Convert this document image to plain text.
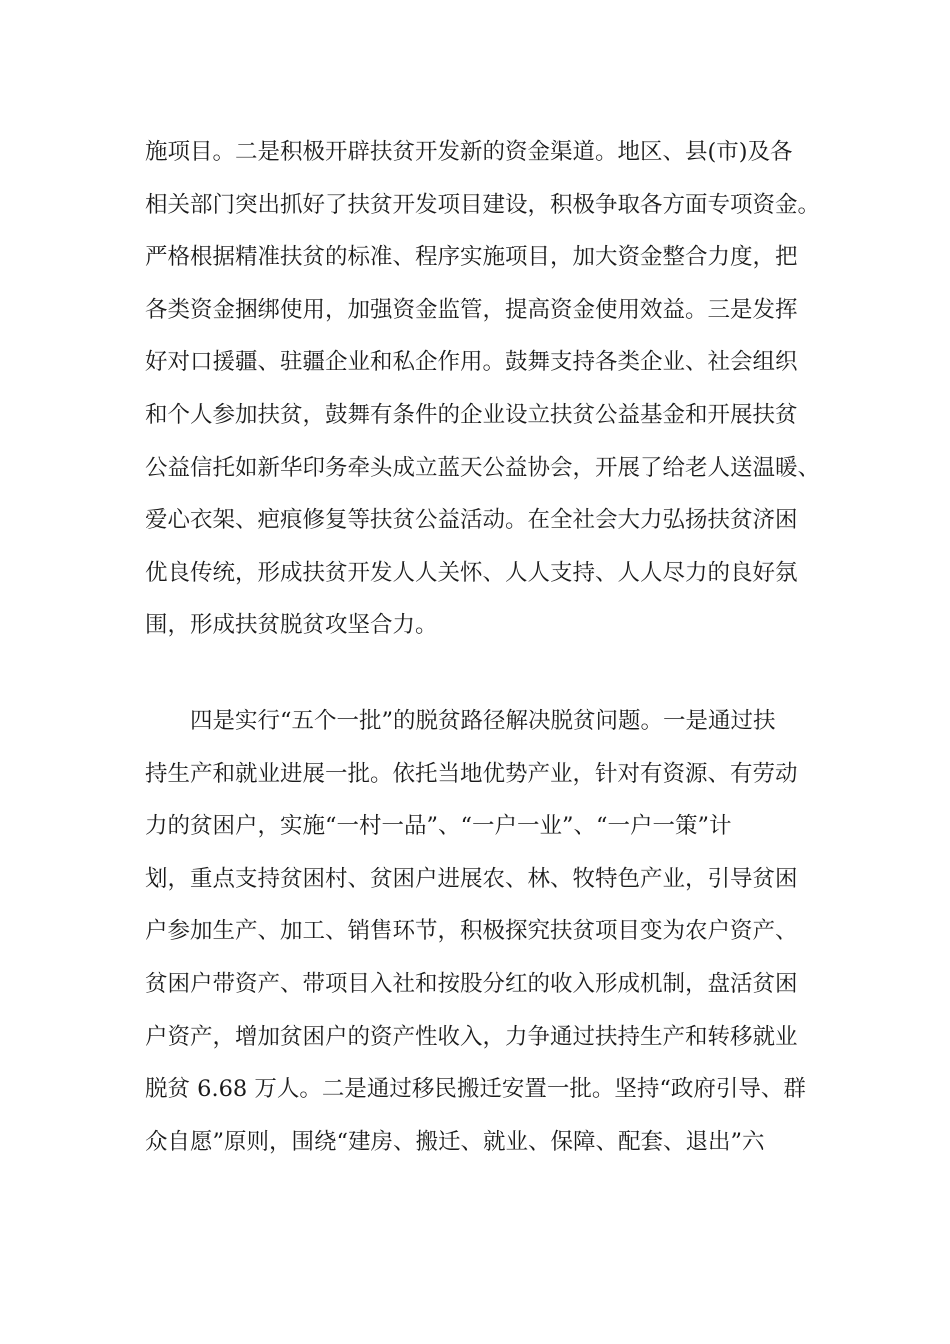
施项目。二是积极开辟扶贫开发新的资金渠道。地区、县(市)及各
相关部门突出抓好了扶贫开发项目建设，积极争取各方面专项资金。
严格根据精准扶贫的标准、程序实施项目，加大资金整合力度，把
各类资金捆绑使用，加强资金监管，提高资金使用效益。三是发挥
好对口援疆、驻疆企业和私企作用。鼓舞支持各类企业、社会组织
和个人参加扶贫，鼓舞有条件的企业设立扶贫公益基金和开展扶贫
公益信托如新华印务牵头成立蓝天公益协会，开展了给老人送温暖、
爱心衣架、疤痕修复等扶贫公益活动。在全社会大力弘扬扶贫济困
优良传统，形成扶贫开发人人关怀、人人支持、人人尽力的良好氛
围，形成扶贫脱贫攻坚合力。
四是实行“五个一批”的脱贫路径解决脱贫问题。一是通过扶
持生产和就业进展一批。依托当地优势产业，针对有资源、有劳动
力的贫困户，实施“一村一品”、“一户一业”、“一户一策”计
划，重点支持贫困村、贫困户进展农、林、牧特色产业，引导贫困
户参加生产、加工、销售环节，积极探究扶贫项目变为农户资产、
贫困户带资产、带项目入社和按股分红的收入形成机制，盘活贫困
户资产，增加贫困户的资产性收入，力争通过扶持生产和转移就业
脱贫 6.68 万人。二是通过移民搬迁安置一批。坚持“政府引导、群
众自愿”原则，围绕“建房、搬迁、就业、保障、配套、退出”六
